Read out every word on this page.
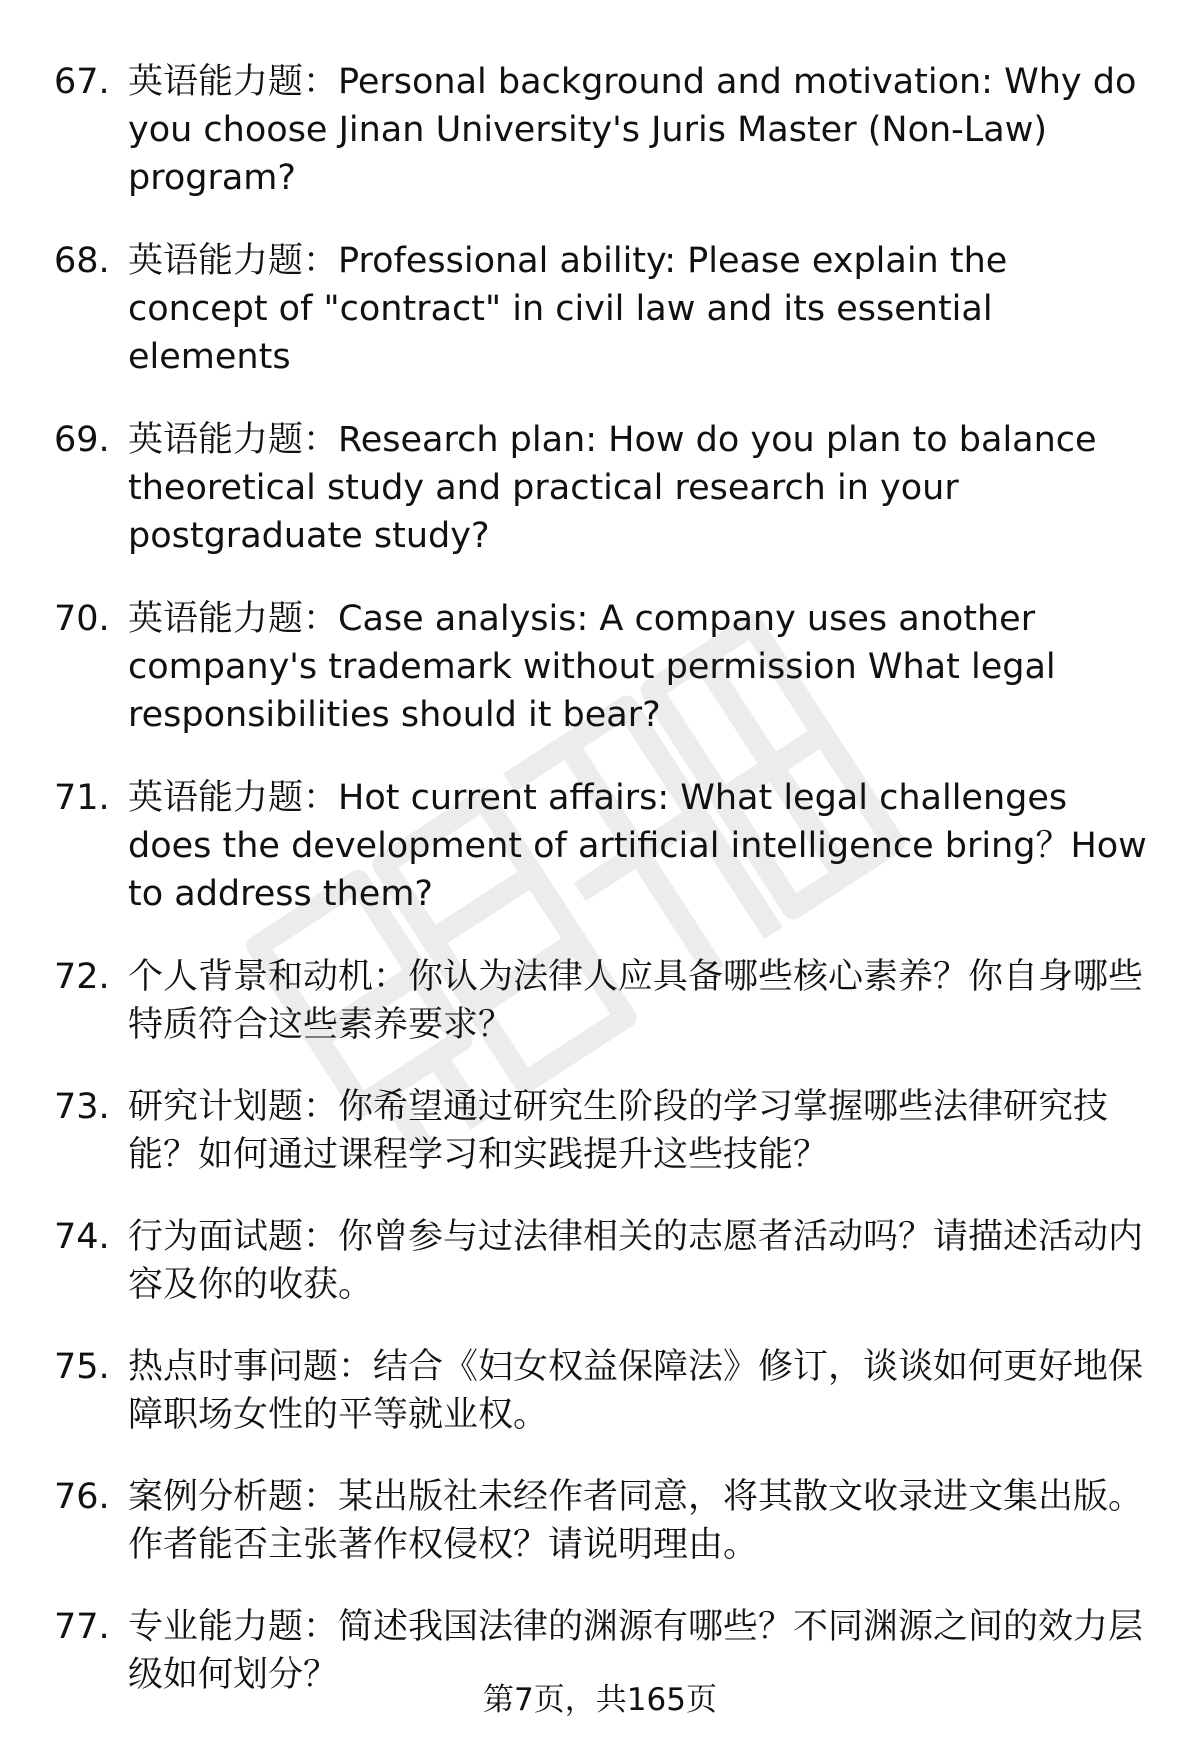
67. 英语能力题：Personal background and motivation: Why do you choose Jinan University's Juris Master (Non-Law) program?
68. 英语能力题：Professional ability: Please explain the concept of "contract" in civil law and its essential elements
69. 英语能力题：Research plan: How do you plan to balance theoretical study and practical research in your postgraduate study?
70. 英语能力题：Case analysis: A company uses another company's trademark without permission What legal responsibilities should it bear?
71. 英语能力题：Hot current affairs: What legal challenges does the development of artificial intelligence bring？How to address them?
72. 个人背景和动机：你认为法律人应具备哪些核心素养？你自身哪些特质符合这些素养要求？
73. 研究计划题：你希望通过研究生阶段的学习掌握哪些法律研究技能？如何通过课程学习和实践提升这些技能？
74. 行为面试题：你曾参与过法律相关的志愿者活动吗？请描述活动内容及你的收获。
75. 热点时事问题：结合《妇女权益保障法》修订，谈谈如何更好地保障职场女性的平等就业权。
76. 案例分析题：某出版社未经作者同意，将其散文收录进文集出版。作者能否主张著作权侵权？请说明理由。
77. 专业能力题：简述我国法律的渊源有哪些？不同渊源之间的效力层级如何划分？
第7页，共165页
